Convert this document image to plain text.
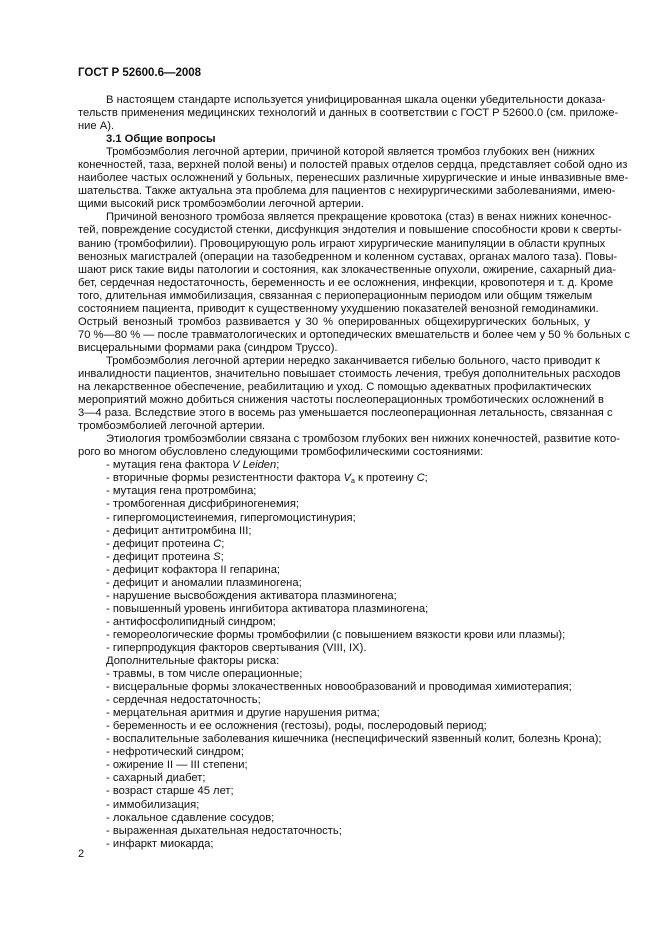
ГОСТ Р 52600.6—2008
В настоящем стандарте используется унифицированная шкала оценки убедительности доказа-
тельств применения медицинских технологий и данных в соответствии с ГОСТ Р 52600.0 (см. приложе-
ние А).
3.1 Общие вопросы
Тромбоэмболия легочной артерии, причиной которой является тромбоз глубоких вен (нижних
конечностей, таза, верхней полой вены) и полостей правых отделов сердца, представляет собой одно из
наиболее частых осложнений у больных, перенесших различные хирургические и иные инвазивные вме-
шательства. Также актуальна эта проблема для пациентов с нехирургическими заболеваниями, имею-
щими высокий риск тромбоэмболии легочной артерии.
Причиной венозного тромбоза является прекращение кровотока (стаз) в венах нижних конечнос-
тей, повреждение сосудистой стенки, дисфункция эндотелия и повышение способности крови к сверты-
ванию (тромбофилии). Провоцирующую роль играют хирургические манипуляции в области крупных
венозных магистралей (операции на тазобедренном и коленном суставах, органах малого таза). Повы-
шают риск такие виды патологии и состояния, как злокачественные опухоли, ожирение, сахарный диа-
бет, сердечная недостаточность, беременность и ее осложнения, инфекции, кровопотеря и т. д. Кроме
того, длительная иммобилизация, связанная с периоперационным периодом или общим тяжелым
состоянием пациента, приводит к существенному ухудшению показателей венозной гемодинамики.
Острый венозный тромбоз развивается у 30 % оперированных общехирургических больных, у
70 %—80 % — после травматологических и ортопедических вмешательств и более чем у 50 % больных с
висцеральными формами рака (синдром Труссо).
Тромбоэмболия легочной артерии нередко заканчивается гибелью больного, часто приводит к
инвалидности пациентов, значительно повышает стоимость лечения, требуя дополнительных расходов
на лекарственное обеспечение, реабилитацию и уход. С помощью адекватных профилактических
мероприятий можно добиться снижения частоты послеоперационных тромботических осложнений в
3—4 раза. Вследствие этого в восемь раз уменьшается послеоперационная летальность, связанная с
тромбоэмболией легочной артерии.
Этиология тромбоэмболии связана с тромбозом глубоких вен нижних конечностей, развитие кото-
рого во многом обусловлено следующими тромбофилическими состояниями:
- мутация гена фактора V Leiden;
- вторичные формы резистентности фактора $V_a$ к протеину C;
- мутация гена протромбина;
- тромбогенная дисфибриногенемия;
- гипергомоцистеинемия, гипергомоцистинурия;
- дефицит антитромбина III;
- дефицит протеина C;
- дефицит протеина S;
- дефицит кофактора II гепарина;
- дефицит и аномалии плазминогена;
- нарушение высвобождения активатора плазминогена;
- повышенный уровень ингибитора активатора плазминогена;
- антифосфолипидный синдром;
- гемореологические формы тромбофилии (с повышением вязкости крови или плазмы);
- гиперпродукция факторов свертывания (VIII, IX).
Дополнительные факторы риска:
- травмы, в том числе операционные;
- висцеральные формы злокачественных новообразований и проводимая химиотерапия;
- сердечная недостаточность;
- мерцательная аритмия и другие нарушения ритма;
- беременность и ее осложнения (гестозы), роды, послеродовый период;
- воспалительные заболевания кишечника (неспецифический язвенный колит, болезнь Крона);
- нефротический синдром;
- ожирение II — III степени;
- сахарный диабет;
- возраст старше 45 лет;
- иммобилизация;
- локальное сдавление сосудов;
- выраженная дыхательная недостаточность;
- инфаркт миокарда;
2
